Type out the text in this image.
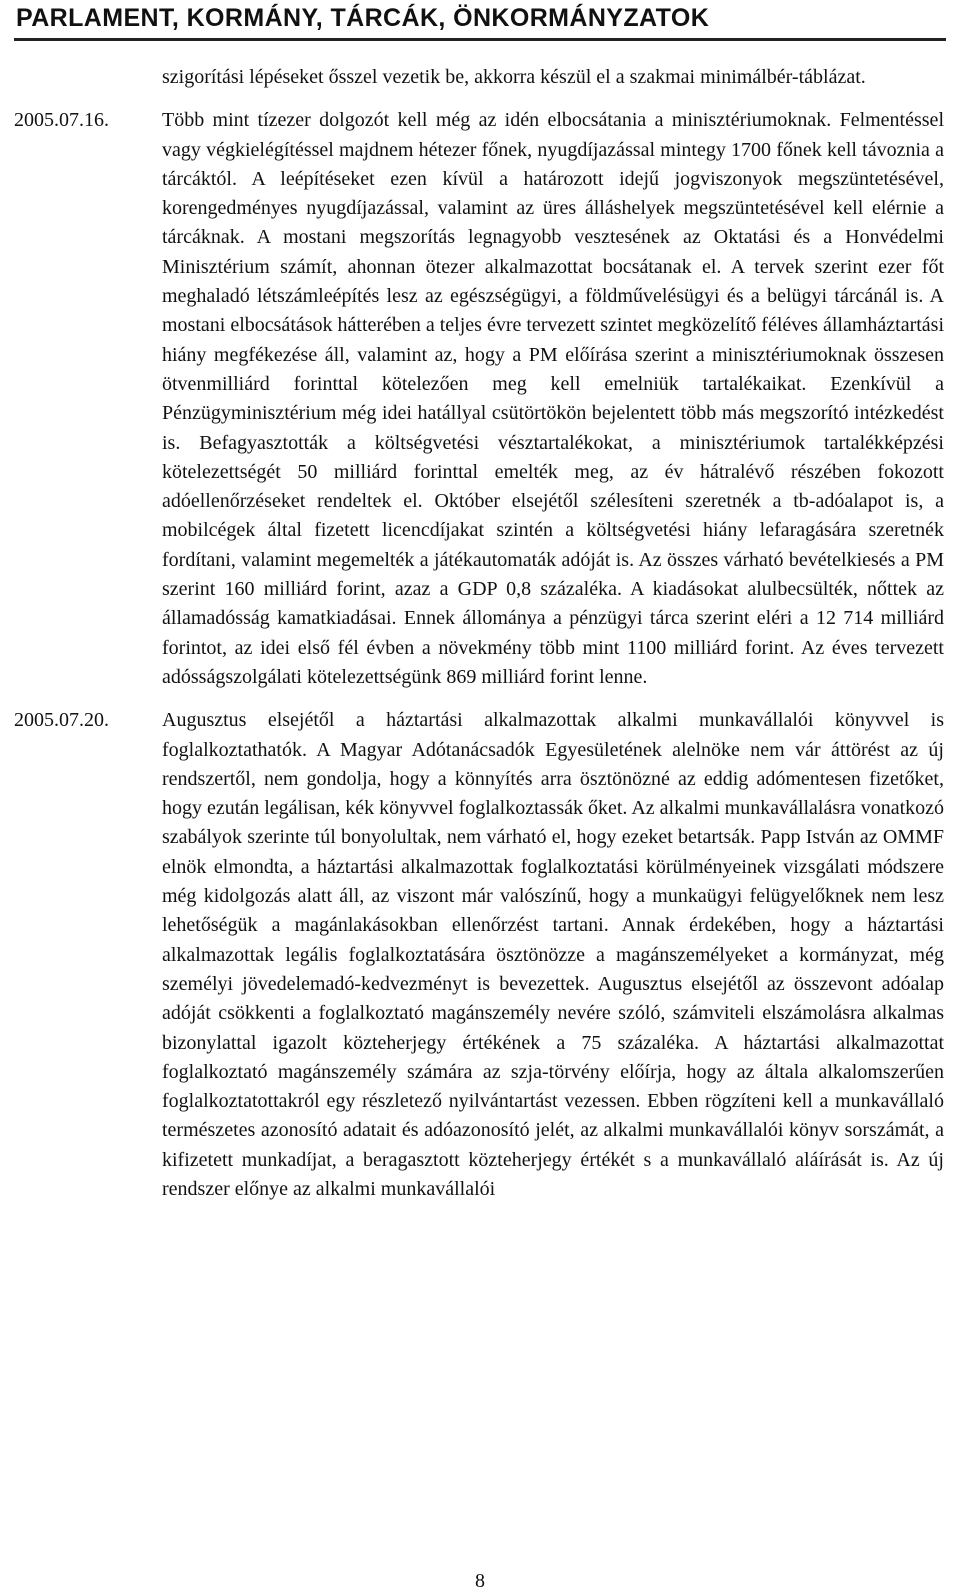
PARLAMENT, KORMÁNY, TÁRCÁK, ÖNKORMÁNYZATOK
szigorítási lépéseket ősszel vezetik be, akkorra készül el a szakmai minimálbér-táblázat.
2005.07.16.	Több mint tízezer dolgozót kell még az idén elbocsátania a minisztériumoknak. Felmentéssel vagy végkielégítéssel majdnem hétezer főnek, nyugdíjazással mintegy 1700 főnek kell távoznia a tárcáktól. A leépítéseket ezen kívül a határozott idejű jogviszonyok megszüntetésével, korengedményes nyugdíjazással, valamint az üres álláshelyek megszüntetésével kell elérnie a tárcáknak. A mostani megszorítás legnagyobb vesztesének az Oktatási és a Honvédelmi Minisztérium számít, ahonnan ötezer alkalmazottat bocsátanak el. A tervek szerint ezer főt meghaladó létszámleépítés lesz az egészségügyi, a földművelésügyi és a belügyi tárcánál is. A mostani elbocsátások hátterében a teljes évre tervezett szintet megközelítő féléves államháztartási hiány megfékezése áll, valamint az, hogy a PM előírása szerint a minisztériumoknak összesen ötvenmilliárd forinttal kötelezően meg kell emelniük tartalékaikat. Ezenkívül a Pénzügyminisztérium még idei hatállyal csütörtökön bejelentett több más megszorító intézkedést is. Befagyasztották a költségvetési vésztartalékokat, a minisztériumok tartalékképzési kötelezettségét 50 milliárd forinttal emelték meg, az év hátralévő részében fokozott adóellenőrzéseket rendeltek el. Október elsejétől szélesíteni szeretnék a tb-adóalapot is, a mobilcégek által fizetett licencdíjakat szintén a költségvetési hiány lefaragására szeretnék fordítani, valamint megemelték a játékautomaták adóját is. Az összes várható bevételkiesés a PM szerint 160 milliárd forint, azaz a GDP 0,8 százaléka. A kiadásokat alulbecsülték, nőttek az államadósság kamatkiadásai. Ennek állománya a pénzügyi tárca szerint eléri a 12 714 milliárd forintot, az idei első fél évben a növekmény több mint 1100 milliárd forint. Az éves tervezett adósságszolgálati kötelezettségünk 869 milliárd forint lenne.
2005.07.20.	Augusztus elsejétől a háztartási alkalmazottak alkalmi munkavállalói könyvvel is foglalkoztathatók. A Magyar Adótanácsadók Egyesületének alelnöke nem vár áttörést az új rendszertől, nem gondolja, hogy a könnyítés arra ösztönözné az eddig adómentesen fizetőket, hogy ezután legálisan, kék könyvvel foglalkoztassák őket. Az alkalmi munkavállalásra vonatkozó szabályok szerinte túl bonyolultak, nem várható el, hogy ezeket betartsák. Papp István az OMMF elnök elmondta, a háztartási alkalmazottak foglalkoztatási körülményeinek vizsgálati módszere még kidolgozás alatt áll, az viszont már valószínű, hogy a munkaügyi felügyelőknek nem lesz lehetőségük a magánlakásokban ellenőrzést tartani. Annak érdekében, hogy a háztartási alkalmazottak legális foglalkoztatására ösztönözze a magánszemélyeket a kormányzat, még személyi jövedelemadó-kedvezményt is bevezettek. Augusztus elsejétől az összevont adóalap adóját csökkenti a foglalkoztató magánszemély nevére szóló, számviteli elszámolásra alkalmas bizonylattal igazolt közteherjegy értékének a 75 százaléka. A háztartási alkalmazottat foglalkoztató magánszemély számára az szja-törvény előírja, hogy az általa alkalomszerűen foglalkoztatottakról egy részletező nyilvántartást vezessen. Ebben rögzíteni kell a munkavállaló természetes azonosító adatait és adóazonosító jelét, az alkalmi munkavállalói könyv sorszámát, a kifizetett munkadíjat, a beragasztott közteherjegy értékét s a munkavállaló aláírását is. Az új rendszer előnye az alkalmi munkavállalói
8
